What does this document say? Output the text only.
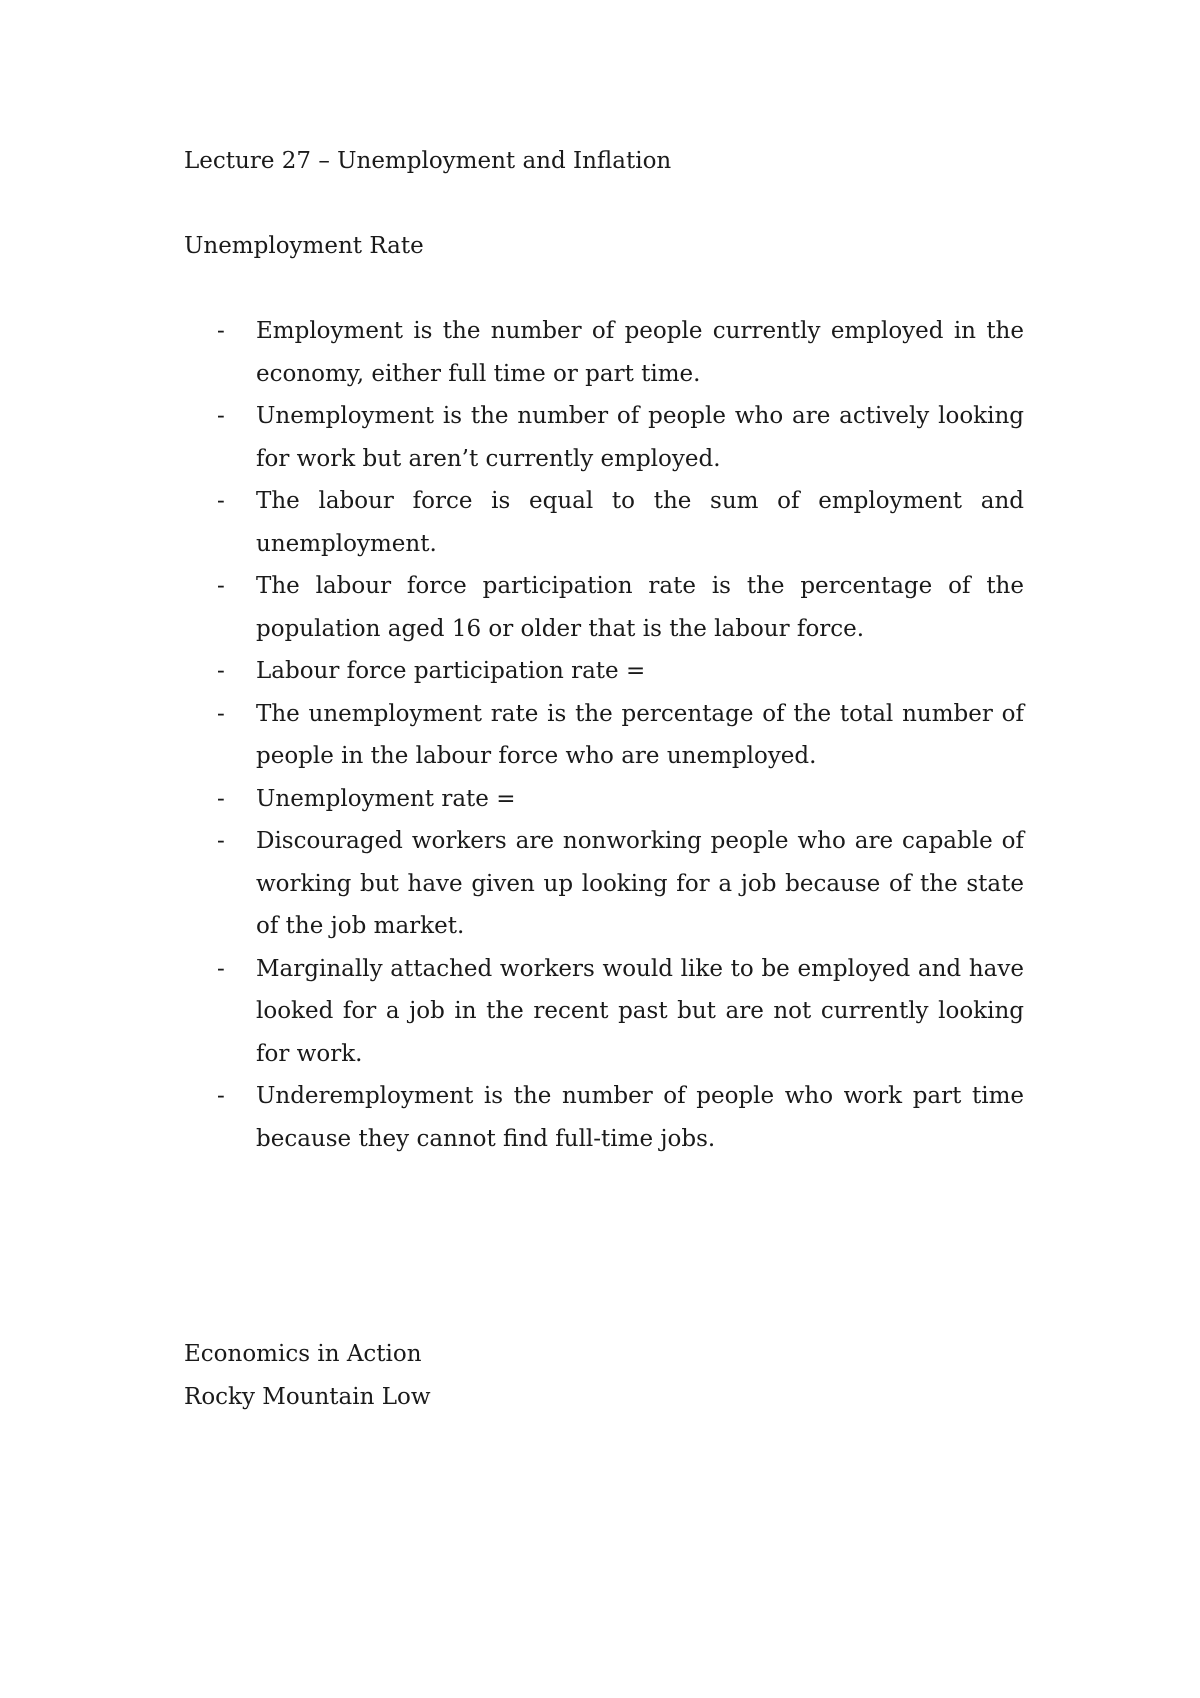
Lecture 27 – Unemployment and Inflation
Unemployment Rate
- Employment is the number of people currently employed in the economy, either full time or part time.
- Unemployment is the number of people who are actively looking for work but aren’t currently employed.
- The labour force is equal to the sum of employment and unemployment.
- The labour force participation rate is the percentage of the population aged 16 or older that is the labour force.
- Labour force participation rate =
- The unemployment rate is the percentage of the total number of people in the labour force who are unemployed.
- Unemployment rate =
- Discouraged workers are nonworking people who are capable of working but have given up looking for a job because of the state of the job market.
- Marginally attached workers would like to be employed and have looked for a job in the recent past but are not currently looking for work.
- Underemployment is the number of people who work part time because they cannot find full-time jobs.

Economics in Action

Rocky Mountain Low
